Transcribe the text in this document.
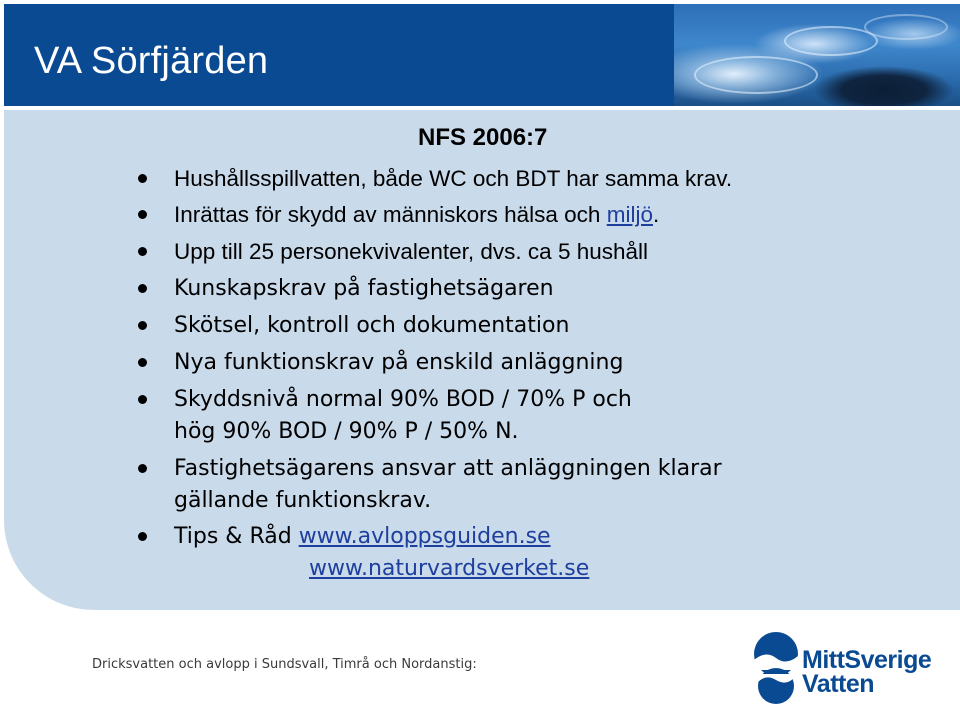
VA Sörfjärden

NFS 2006:7

Hushållsspillvatten, både WC och BDT har samma krav.
Inrättas för skydd av människors hälsa och miljö.
Upp till 25 personekvivalenter, dvs. ca 5 hushåll
Kunskapskrav på fastighetsägaren
Skötsel, kontroll och dokumentation
Nya funktionskrav på enskild anläggning
Skyddsnivå normal 90% BOD / 70% P och
hög 90% BOD / 90% P / 50% N.
Fastighetsägarens ansvar att anläggningen klarar
gällande funktionskrav.
Tips & Råd www.avloppsguiden.se
www.naturvardsverket.se

Dricksvatten och avlopp i Sundsvall, Timrå och Nordanstig:	MittSverige
Vatten
